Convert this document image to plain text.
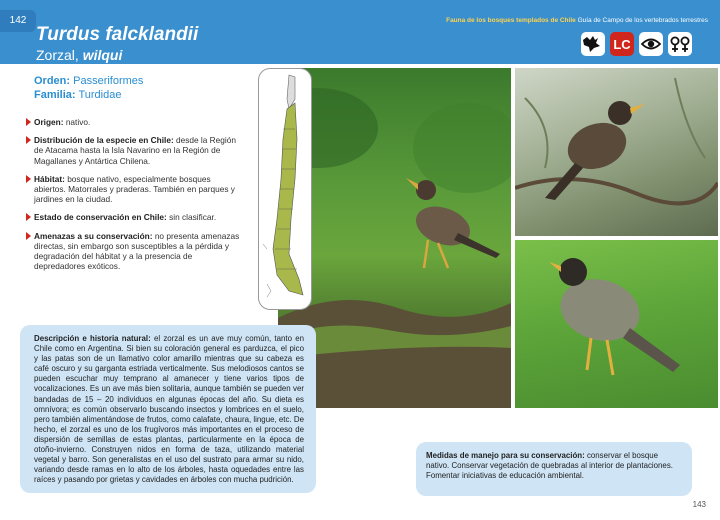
142
Turdus falcklandii
Zorzal, wilqui
Fauna de los bosques templados de Chile Guía de Campo de los vertebrados terrestres
LC
Orden: Passeriformes
Familia: Turdidae
Origen: nativo.
Distribución de la especie en Chile: desde la Región de Atacama hasta la Isla Navarino en la Región de Magallanes y Antártica Chilena.
Hábitat: bosque nativo, especialmente bosques abiertos. Matorrales y praderas. También en parques y jardines en la ciudad.
Estado de conservación en Chile: sin clasificar.
Amenazas a su conservación: no presenta amenazas directas, sin embargo son susceptibles a la pérdida y degradación del hábitat y a la presencia de depredadores exóticos.
Descripción e historia natural: el zorzal es un ave muy común, tanto en Chile como en Argentina. Si bien su coloración general es parduzca, el pico y las patas son de un llamativo color amarillo mientras que su cabeza es café oscuro y su garganta estriada verticalmente. Sus melodiosos cantos se pueden escuchar muy temprano al amanecer y tiene varios tipos de vocalizaciones. Es un ave más bien solitaria, aunque también se pueden ver bandadas de 15 – 20 individuos en algunas épocas del año. Su dieta es omnívora; es común observarlo buscando insectos y lombrices en el suelo, pero también alimentándose de frutos, como calafate, chaura, lingue, etc. De hecho, el zorzal es uno de los frugívoros más importantes en el proceso de dispersión de semillas de estas plantas, particularmente en la época de otoño-invierno. Construyen nidos en forma de taza, utilizando material vegetal y barro. Son generalistas en el uso del sustrato para armar su nido, variando desde ramas en lo alto de los árboles, hasta oquedades entre las raíces y pasando por grietas y cavidades en árboles con mucha pudrición.
Medidas de manejo para su conservación: conservar el bosque nativo. Conservar vegetación de quebradas al interior de plantaciones. Fomentar iniciativas de educación ambiental.
143
